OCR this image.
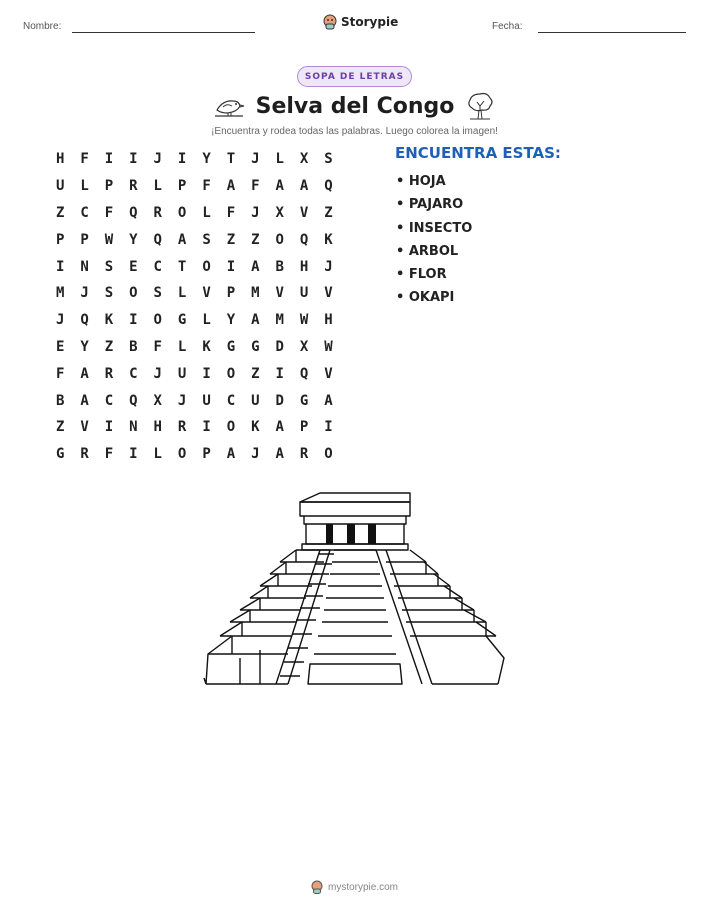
Nombre:	Storypie	Fecha:
SOPA DE LETRAS
Selva del Congo
¡Encuentra y rodea todas las palabras. Luego colorea la imagen!
H	F	I	I	J	I	Y	T	J	L	X	S
U	L	P	R	L	P	F	A	F	A	A	Q
Z	C	F	Q	R	O	L	F	J	X	V	Z
P	P	W	Y	Q	A	S	Z	Z	O	Q	K
I	N	S	E	C	T	O	I	A	B	H	J
M	J	S	O	S	L	V	P	M	V	U	V
J	Q	K	I	O	G	L	Y	A	M	W	H
E	Y	Z	B	F	L	K	G	G	D	X	W
F	A	R	C	J	U	I	O	Z	I	Q	V
B	A	C	Q	X	J	U	C	U	D	G	A
Z	V	I	N	H	R	I	O	K	A	P	I
G	R	F	I	L	O	P	A	J	A	R	O
ENCUENTRA ESTAS:
• HOJA
• PAJARO
• INSECTO
• ARBOL
• FLOR
• OKAPI
mystorypie.com
